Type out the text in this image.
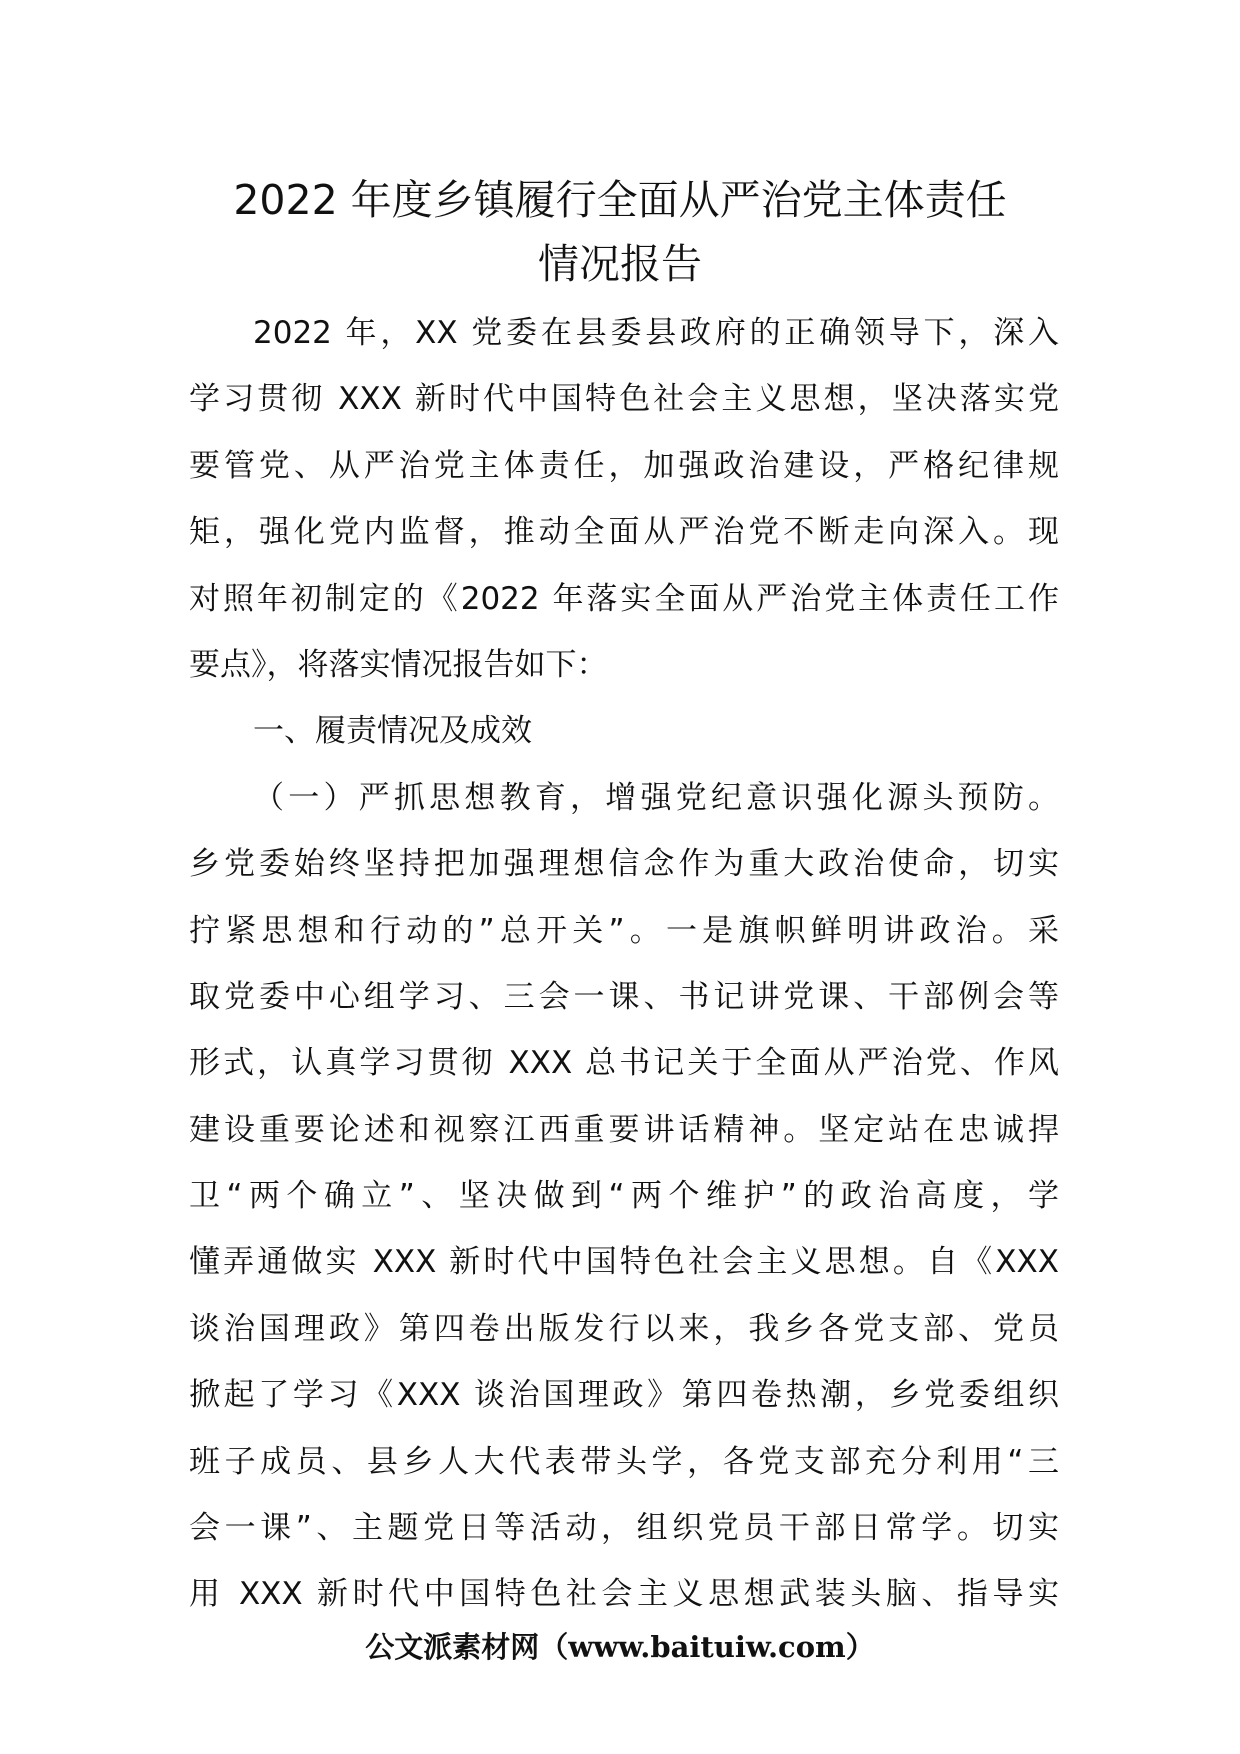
2022 年度乡镇履行全面从严治党主体责任
情况报告
2022 年，XX 党委在县委县政府的正确领导下，深入
学习贯彻 XXX 新时代中国特色社会主义思想，坚决落实党
要管党、从严治党主体责任，加强政治建设，严格纪律规
矩，强化党内监督，推动全面从严治党不断走向深入。现
对照年初制定的《2022 年落实全面从严治党主体责任工作
要点》，将落实情况报告如下：
一、履责情况及成效
（一）严抓思想教育，增强党纪意识强化源头预防。
乡党委始终坚持把加强理想信念作为重大政治使命，切实
拧紧思想和行动的”总开关”。一是旗帜鲜明讲政治。采
取党委中心组学习、三会一课、书记讲党课、干部例会等
形式，认真学习贯彻 XXX 总书记关于全面从严治党、作风
建设重要论述和视察江西重要讲话精神。坚定站在忠诚捍
卫“两个确立”、坚决做到“两个维护”的政治高度，学
懂弄通做实 XXX 新时代中国特色社会主义思想。自《XXX
谈治国理政》第四卷出版发行以来，我乡各党支部、党员
掀起了学习《XXX 谈治国理政》第四卷热潮，乡党委组织
班子成员、县乡人大代表带头学，各党支部充分利用“三
会一课”、主题党日等活动，组织党员干部日常学。切实
用 XXX 新时代中国特色社会主义思想武装头脑、指导实
公文派素材网（www.baituiw.com）
